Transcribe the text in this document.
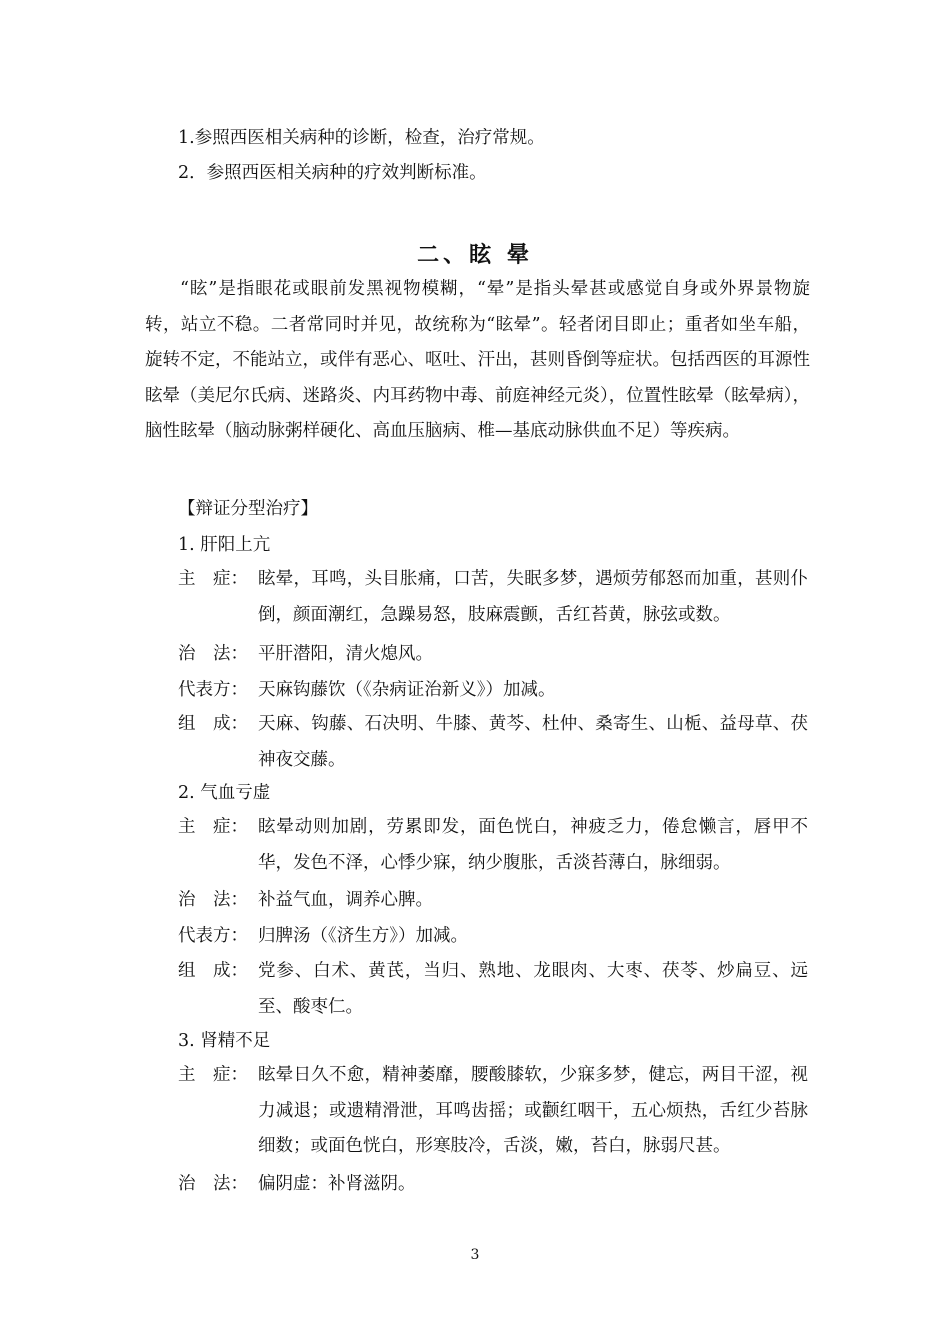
1.参照西医相关病种的诊断，检查，治疗常规。
2．参照西医相关病种的疗效判断标准。
二、眩 晕
“眩”是指眼花或眼前发黑视物模糊，“晕”是指头晕甚或感觉自身或外界景物旋转，站立不稳。二者常同时并见，故统称为“眩晕”。轻者闭目即止；重者如坐车船，旋转不定，不能站立，或伴有恶心、呕吐、汗出，甚则昏倒等症状。包括西医的耳源性眩晕（美尼尔氏病、迷路炎、内耳药物中毒、前庭神经元炎），位置性眩晕（眩晕病），脑性眩晕（脑动脉粥样硬化、高血压脑病、椎—基底动脉供血不足）等疾病。
【辩证分型治疗】
1. 肝阳上亢
主　症： 眩晕，耳鸣，头目胀痛，口苦，失眠多梦，遇烦劳郁怒而加重，甚则仆倒，颜面潮红，急躁易怒，肢麻震颤，舌红苔黄，脉弦或数。
治　法： 平肝潜阳，清火熄风。
代表方： 天麻钩藤饮（《杂病证治新义》）加减。
组　成： 天麻、钩藤、石决明、牛膝、黄芩、杜仲、桑寄生、山栀、益母草、茯神夜交藤。
2. 气血亏虚
主　症： 眩晕动则加剧，劳累即发，面色恍白，神疲乏力，倦怠懒言，唇甲不华，发色不泽，心悸少寐，纳少腹胀，舌淡苔薄白，脉细弱。
治　法： 补益气血，调养心脾。
代表方： 归脾汤（《济生方》）加减。
组　成： 党参、白术、黄芪，当归、熟地、龙眼肉、大枣、茯苓、炒扁豆、远至、酸枣仁。
3. 肾精不足
主　症： 眩晕日久不愈，精神萎靡，腰酸膝软，少寐多梦，健忘，两目干涩，视力减退；或遗精滑泄，耳鸣齿摇；或颧红咽干，五心烦热，舌红少苔脉细数；或面色恍白，形寒肢冷，舌淡，嫩，苔白，脉弱尺甚。
治　法： 偏阴虚：补肾滋阴。
3
